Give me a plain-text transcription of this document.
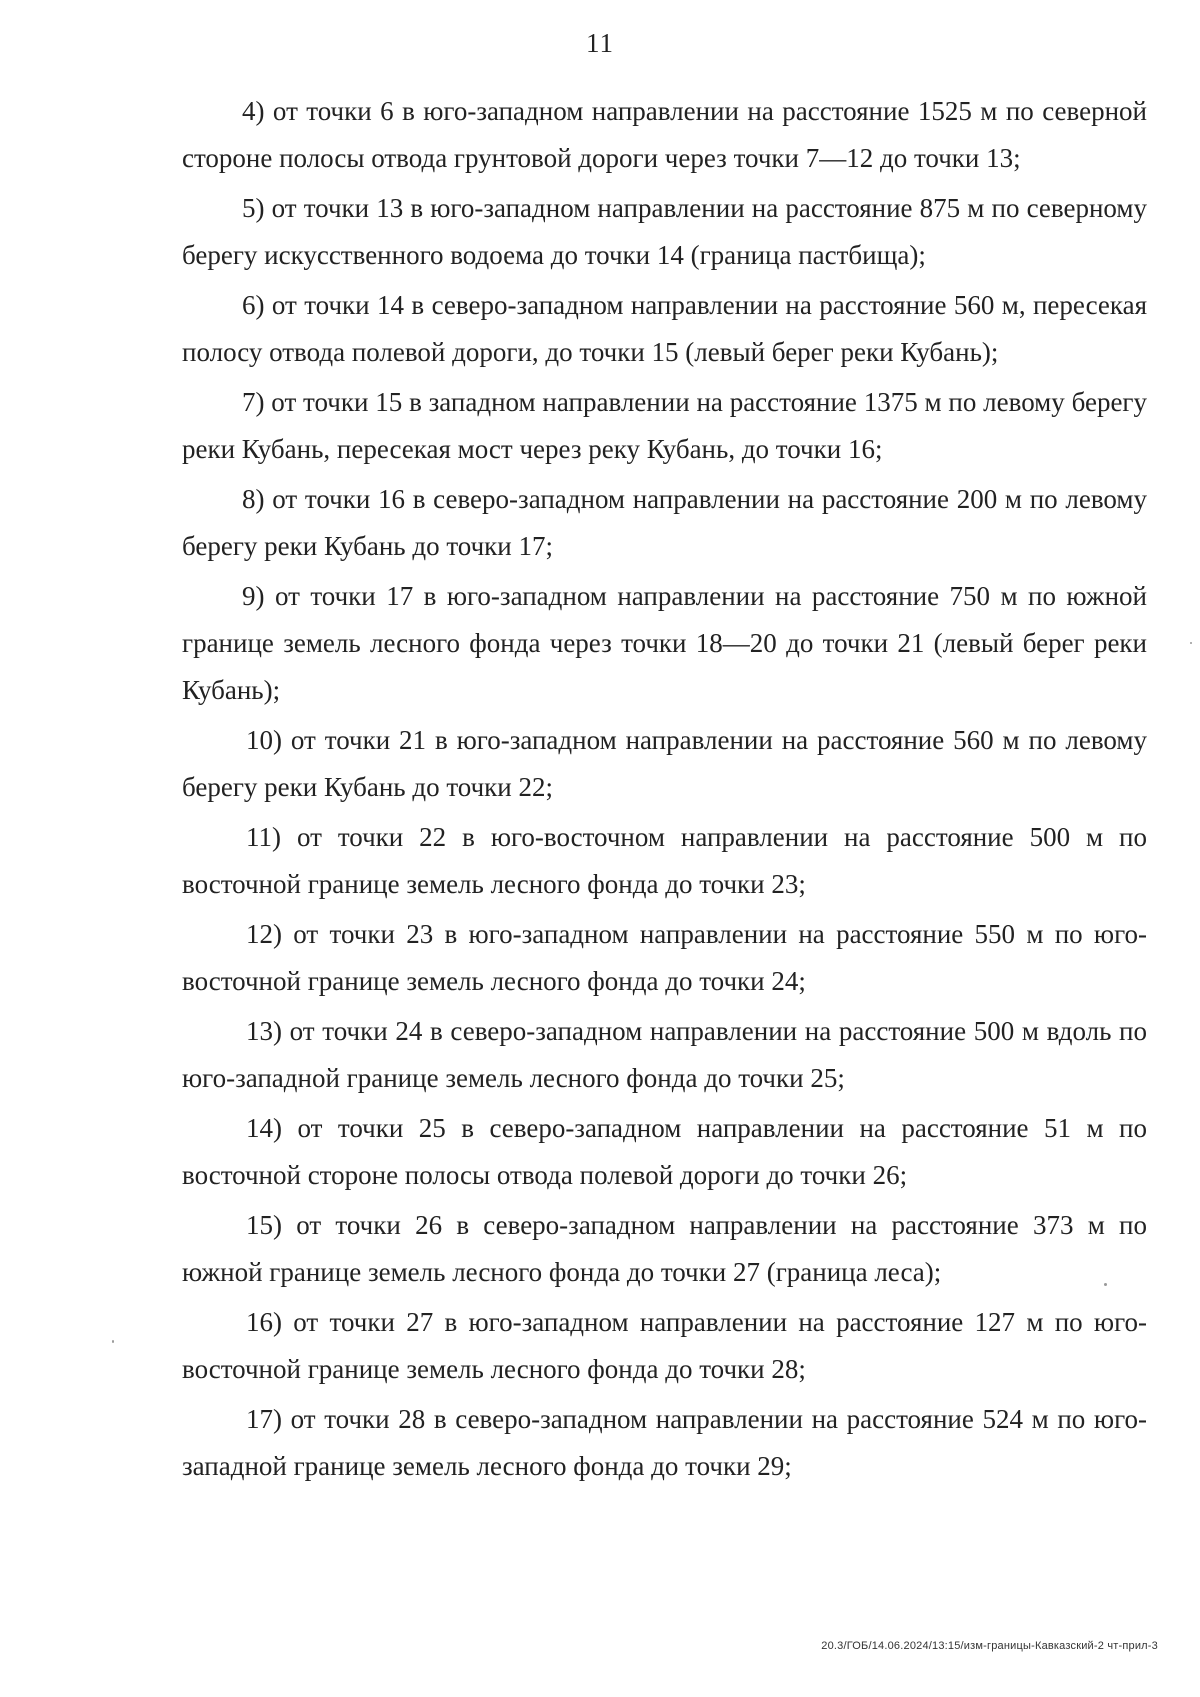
11

4) от точки 6 в юго-западном направлении на расстояние 1525 м по северной стороне полосы отвода грунтовой дороги через точки 7—12 до точки 13;

5) от точки 13 в юго-западном направлении на расстояние 875 м по северному берегу искусственного водоема до точки 14 (граница пастбища);

6) от точки 14 в северо-западном направлении на расстояние 560 м, пересекая полосу отвода полевой дороги, до точки 15 (левый берег реки Кубань);

7) от точки 15 в западном направлении на расстояние 1375 м по левому берегу реки Кубань, пересекая мост через реку Кубань, до точки 16;

8) от точки 16 в северо-западном направлении на расстояние 200 м по левому берегу реки Кубань до точки 17;

9) от точки 17 в юго-западном направлении на расстояние 750 м по южной границе земель лесного фонда через точки 18—20 до точки 21 (левый берег реки Кубань);

10) от точки 21 в юго-западном направлении на расстояние 560 м по левому берегу реки Кубань до точки 22;

11) от точки 22 в юго-восточном направлении на расстояние 500 м по восточной границе земель лесного фонда до точки 23;

12) от точки 23 в юго-западном направлении на расстояние 550 м по юго-восточной границе земель лесного фонда до точки 24;

13) от точки 24 в северо-западном направлении на расстояние 500 м вдоль по юго-западной границе земель лесного фонда до точки 25;

14) от точки 25 в северо-западном направлении на расстояние 51 м по восточной стороне полосы отвода полевой дороги до точки 26;

15) от точки 26 в северо-западном направлении на расстояние 373 м по южной границе земель лесного фонда до точки 27 (граница леса);

16) от точки 27 в юго-западном направлении на расстояние 127 м по юго-восточной границе земель лесного фонда до точки 28;

17) от точки 28 в северо-западном направлении на расстояние 524 м по юго-западной границе земель лесного фонда до точки 29;

20.3/ГОБ/14.06.2024/13:15/изм-границы-Кавказский-2 чт-прил-3
